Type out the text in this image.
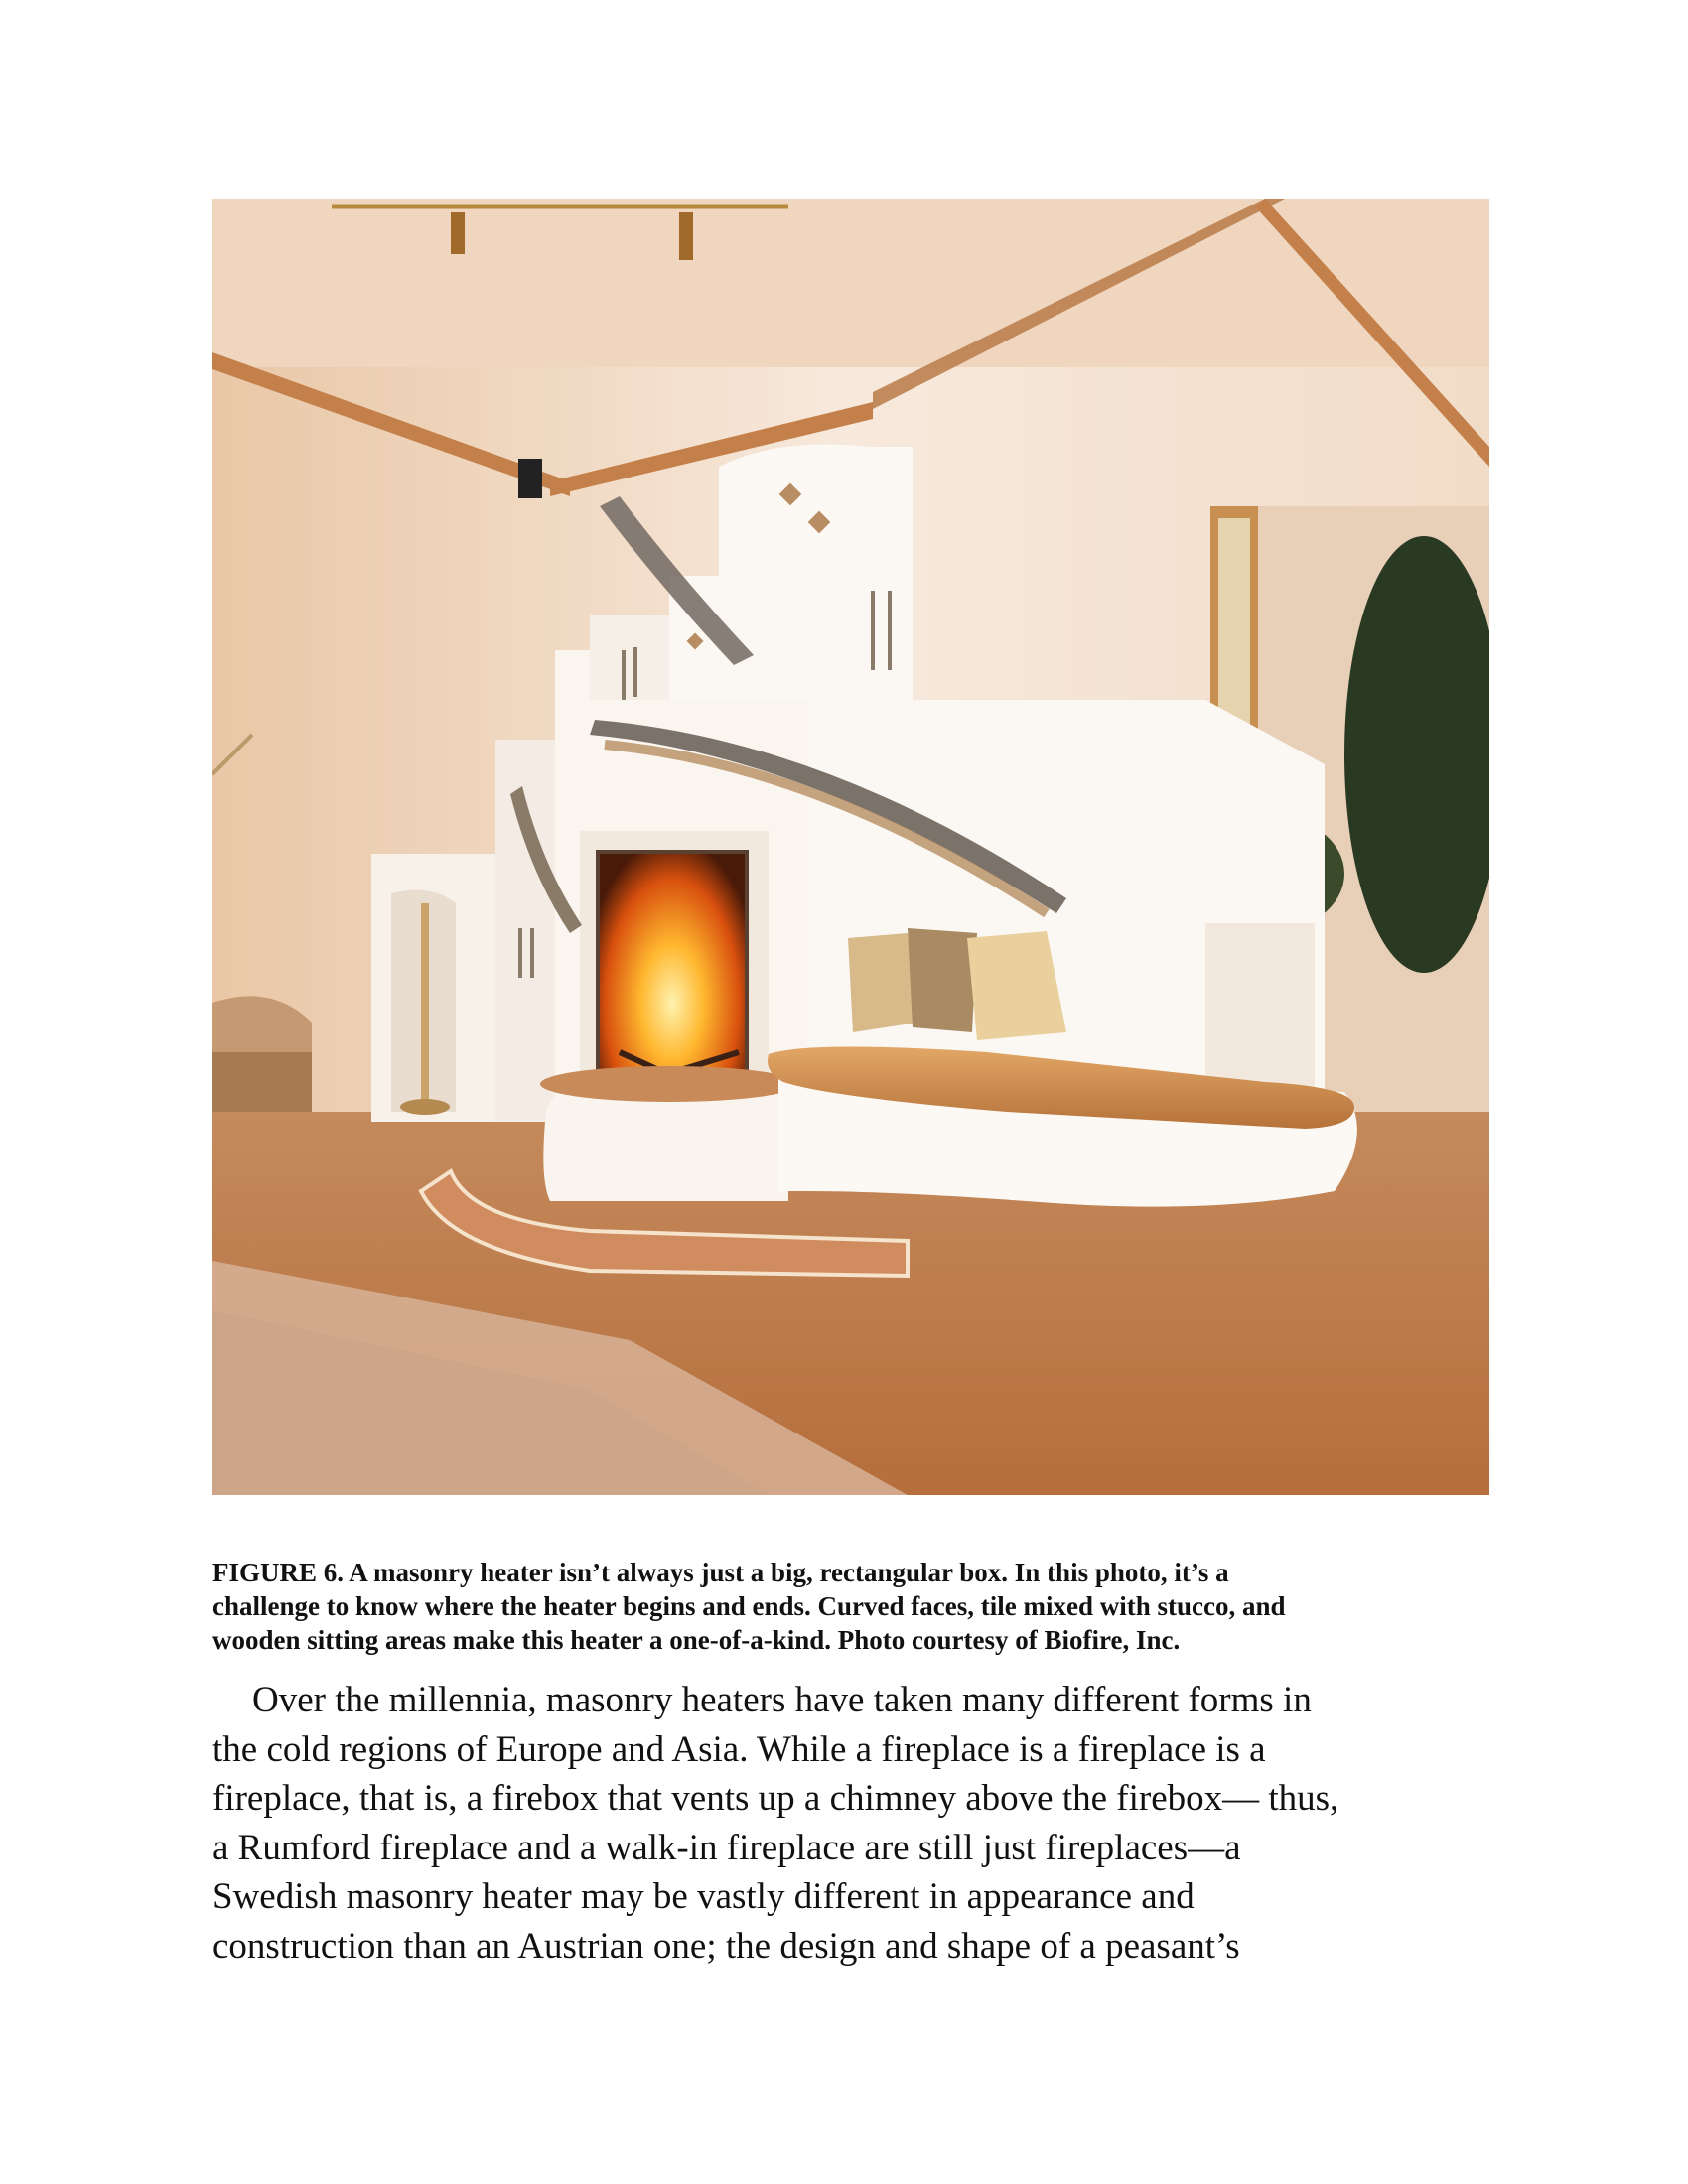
FIGURE 6. A masonry heater isn’t always just a big, rectangular box. In this photo, it’s a
challenge to know where the heater begins and ends. Curved faces, tile mixed with stucco, and
wooden sitting areas make this heater a one-of-a-kind. Photo courtesy of Biofire, Inc.
Over the millennia, masonry heaters have taken many different forms in
the cold regions of Europe and Asia. While a fireplace is a fireplace is a
fireplace, that is, a firebox that vents up a chimney above the firebox— thus,
a Rumford fireplace and a walk-in fireplace are still just fireplaces—a
Swedish masonry heater may be vastly different in appearance and
construction than an Austrian one; the design and shape of a peasant’s
